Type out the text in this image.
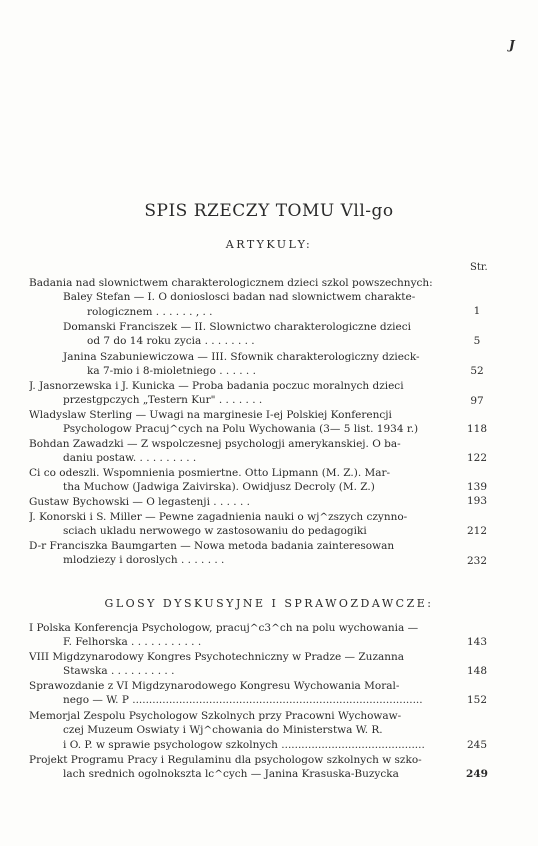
J
SPIS RZECZY TOMU Vll-go
ARTYKULY:
Str.
Badania nad slownictwem charakterologicznem dzieci szkol powszechnych:
Baley Stefan — I. O donioslosci badan nad slownictwem charakte-
rologicznem . . . . . . , . .	1
Domanski Franciszek — II. Slownictwo charakterologiczne dzieci
od 7 do 14 roku zycia . . . . . . . .	5
Janina Szabuniewiczowa — III. Sfownik charakterologiczny dzieck-
ka 7-mio i 8-mioletniego . . . . . .	52
J. Jasnorzewska i J. Kunicka — Proba badania poczuc moralnych dzieci
przestgpczych „Testern Kur" . . . . . . .	97
Wladyslaw Sterling — Uwagi na marginesie I-ej Polskiej Konferencji
Psychologow Pracuj^cych na Polu Wychowania (3— 5 list. 1934 r.)	118
Bohdan Zawadzki — Z wspolczesnej psychologji amerykanskiej. O ba-
daniu postaw. . . . . . . . . .	122
Ci co odeszli. Wspomnienia posmiertne. Otto Lipmann (M. Z.). Mar-
tha Muchow (Jadwiga Zaivirska). Owidjusz Decroly (M. Z.)	139
Gustaw Bychowski — O legastenji . . . . . .	193
J. Konorski i S. Miller — Pewne zagadnienia nauki o wj^zszych czynno-
sciach ukladu nerwowego w zastosowaniu do pedagogiki	212
D-r Franciszka Baumgarten — Nowa metoda badania zainteresowan
mlodziezy i doroslych . . . . . . .	232
GLOSY DYSKUSYJNE I SPRAWOZDAWCZE:
I Polska Konferencja Psychologow, pracuj^c3^ch na polu wychowania —
F. Felhorska . . . . . . . . . . .	143
VIII Migdzynarodowy Kongres Psychotechniczny w Pradze — Zuzanna
Stawska . . . . . . . . . .	148
Sprawozdanie z VI Migdzynarodowego Kongresu Wychowania Moral-
nego — W. P .......................................................................................	152
Memorjal Zespolu Psychologow Szkolnych przy Pracowni Wychowaw-
czej Muzeum Oswiaty i Wj^chowania do Ministerstwa W. R.
i O. P. w sprawie psychologow szkolnych ...........................................	245
Projekt Programu Pracy i Regulaminu dla psychologow szkolnych w szko-
lach srednich ogolnokszta lc^cych — Janina Krasuska-Buzycka	249
